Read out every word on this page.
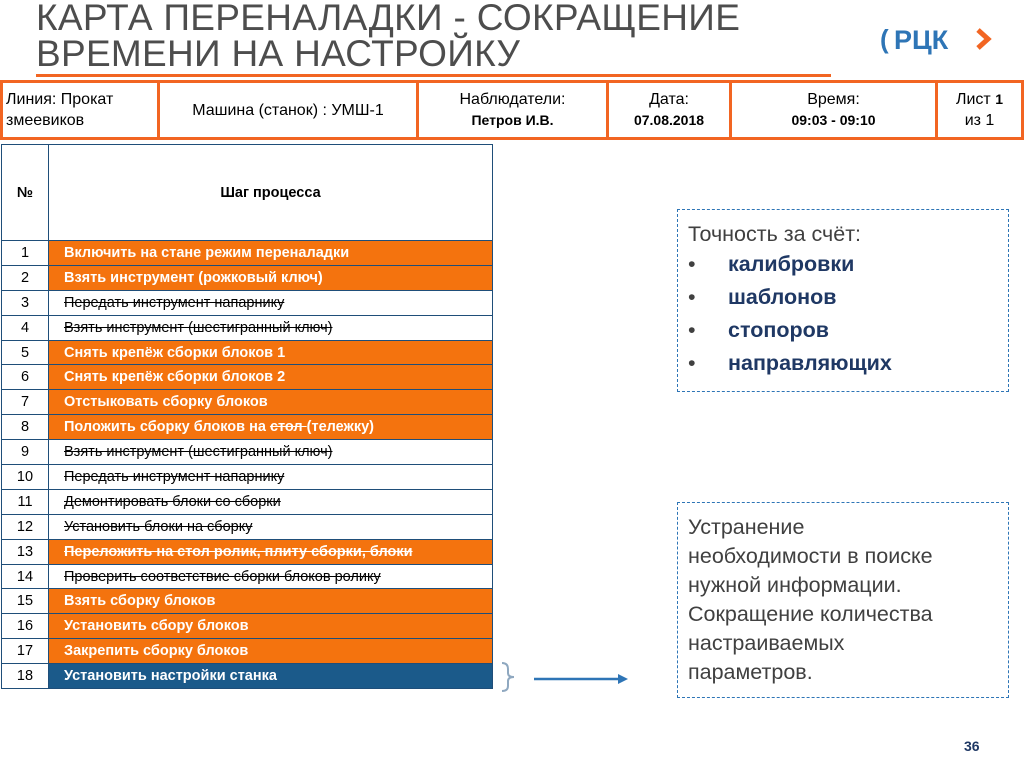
КАРТА ПЕРЕНАЛАДКИ - СОКРАЩЕНИЕ
ВРЕМЕНИ НА НАСТРОЙКУ	( РЦК
Линия: Прокат
змеевиков
Машина (станок) : УМШ-1
Наблюдатели:
Петров И.В.
Дата:
07.08.2018
Время:
09:03 - 09:10
Лист 1
из 1
№	Шаг процесса
1	Включить на стане режим переналадки
2	Взять инструмент (рожковый ключ)
3	Передать инструмент напарнику
4	Взять инструмент (шестигранный ключ)
5	Снять крепёж сборки блоков 1
6	Снять крепёж сборки блоков 2
7	Отстыковать сборку блоков
8	Положить сборку блоков на стол (тележку)
9	Взять инструмент (шестигранный ключ)
10	Передать инструмент напарнику
11	Демонтировать блоки со сборки
12	Установить блоки на сборку
13	Переложить на стол ролик, плиту сборки, блоки
14	Проверить соответствие сборки блоков ролику
15	Взять сборку блоков
16	Установить сбору блоков
17	Закрепить сборку блоков
18	Установить настройки станка
Точность за счёт:
• калибровки
• шаблонов
• стопоров
• направляющих
Устранение
необходимости в поиске
нужной информации.
Сокращение количества
настраиваемых
параметров.
36
